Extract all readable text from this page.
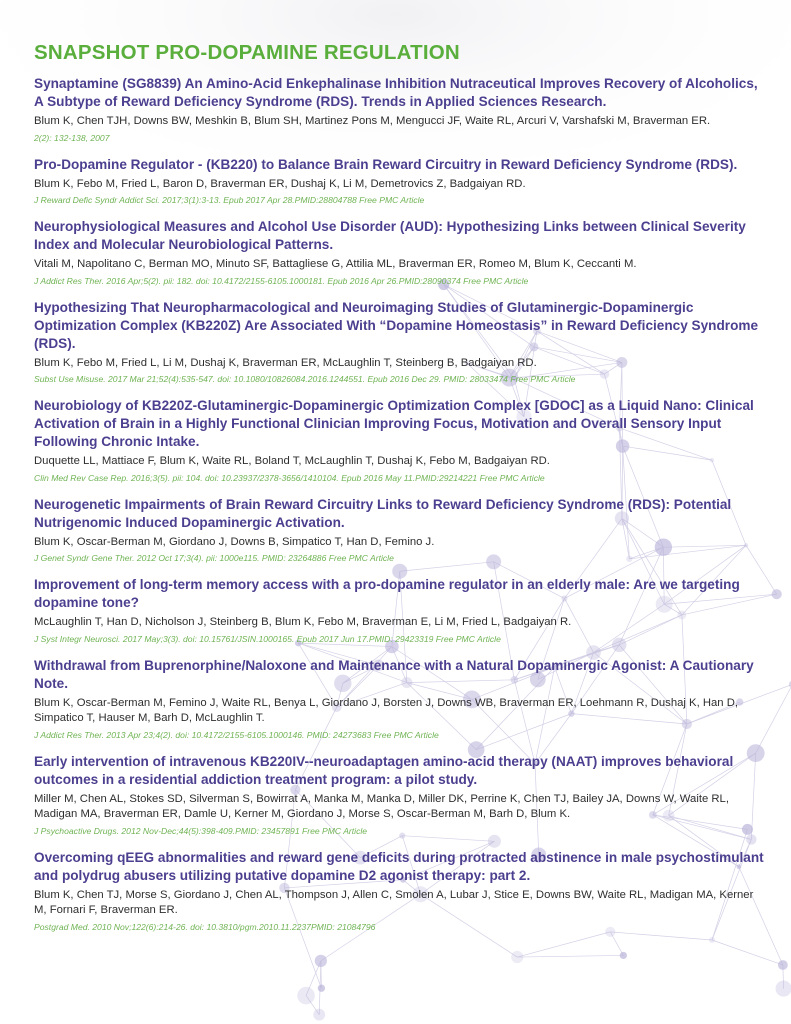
SNAPSHOT PRO-DOPAMINE REGULATION
Synaptamine (SG8839) An Amino-Acid Enkephalinase Inhibition Nutraceutical Improves Recovery of Alcoholics, A Subtype of Reward Deficiency Syndrome (RDS). Trends in Applied Sciences Research.
Blum K, Chen TJH, Downs BW, Meshkin B, Blum SH, Martinez Pons M, Mengucci JF, Waite RL, Arcuri V, Varshafski M, Braverman ER.
2(2): 132-138, 2007
Pro-Dopamine Regulator - (KB220) to Balance Brain Reward Circuitry in Reward Deficiency Syndrome (RDS).
Blum K, Febo M, Fried L, Baron D, Braverman ER, Dushaj K, Li M, Demetrovics Z, Badgaiyan RD.
J Reward Defic Syndr Addict Sci. 2017;3(1):3-13. Epub 2017 Apr 28.PMID:28804788 Free PMC Article
Neurophysiological Measures and Alcohol Use Disorder (AUD): Hypothesizing Links between Clinical Severity Index and Molecular Neurobiological Patterns.
Vitali M, Napolitano C, Berman MO, Minuto SF, Battagliese G, Attilia ML, Braverman ER, Romeo M, Blum K, Ceccanti M.
J Addict Res Ther. 2016 Apr;5(2). pii: 182. doi: 10.4172/2155-6105.1000181. Epub 2016 Apr 26.PMID:28090374 Free PMC Article
Hypothesizing That Neuropharmacological and Neuroimaging Studies of Glutaminergic-Dopaminergic Optimization Complex (KB220Z) Are Associated With “Dopamine Homeostasis” in Reward Deficiency Syndrome (RDS).
Blum K, Febo M, Fried L, Li M, Dushaj K, Braverman ER, McLaughlin T, Steinberg B, Badgaiyan RD.
Subst Use Misuse. 2017 Mar 21;52(4):535-547. doi: 10.1080/10826084.2016.1244551. Epub 2016 Dec 29. PMID: 28033474 Free PMC Article
Neurobiology of KB220Z-Glutaminergic-Dopaminergic Optimization Complex [GDOC] as a Liquid Nano: Clinical Activation of Brain in a Highly Functional Clinician Improving Focus, Motivation and Overall Sensory Input Following Chronic Intake.
Duquette LL, Mattiace F, Blum K, Waite RL, Boland T, McLaughlin T, Dushaj K, Febo M, Badgaiyan RD.
Clin Med Rev Case Rep. 2016;3(5). pii: 104. doi: 10.23937/2378-3656/1410104. Epub 2016 May 11.PMID:29214221 Free PMC Article
Neurogenetic Impairments of Brain Reward Circuitry Links to Reward Deficiency Syndrome (RDS): Potential Nutrigenomic Induced Dopaminergic Activation.
Blum K, Oscar-Berman M, Giordano J, Downs B, Simpatico T, Han D, Femino J.
J Genet Syndr Gene Ther. 2012 Oct 17;3(4). pii: 1000e115. PMID: 23264886 Free PMC Article
Improvement of long-term memory access with a pro-dopamine regulator in an elderly male: Are we targeting dopamine tone?
McLaughlin T, Han D, Nicholson J, Steinberg B, Blum K, Febo M, Braverman E, Li M, Fried L, Badgaiyan R.
J Syst Integr Neurosci. 2017 May;3(3). doi: 10.15761/JSIN.1000165. Epub 2017 Jun 17.PMID: 29423319 Free PMC Article
Withdrawal from Buprenorphine/Naloxone and Maintenance with a Natural Dopaminergic Agonist: A Cautionary Note.
Blum K, Oscar-Berman M, Femino J, Waite RL, Benya L, Giordano J, Borsten J, Downs WB, Braverman ER, Loehmann R, Dushaj K, Han D, Simpatico T, Hauser M, Barh D, McLaughlin T.
J Addict Res Ther. 2013 Apr 23;4(2). doi: 10.4172/2155-6105.1000146. PMID: 24273683 Free PMC Article
Early intervention of intravenous KB220IV--neuroadaptagen amino-acid therapy (NAAT) improves behavioral outcomes in a residential addiction treatment program: a pilot study.
Miller M, Chen AL, Stokes SD, Silverman S, Bowirrat A, Manka M, Manka D, Miller DK, Perrine K, Chen TJ, Bailey JA, Downs W, Waite RL, Madigan MA, Braverman ER, Damle U, Kerner M, Giordano J, Morse S, Oscar-Berman M, Barh D, Blum K.
J Psychoactive Drugs. 2012 Nov-Dec;44(5):398-409.PMID: 23457891 Free PMC Article
Overcoming qEEG abnormalities and reward gene deficits during protracted abstinence in male psychostimulant and polydrug abusers utilizing putative dopamine D2 agonist therapy: part 2.
Blum K, Chen TJ, Morse S, Giordano J, Chen AL, Thompson J, Allen C, Smolen A, Lubar J, Stice E, Downs BW, Waite RL, Madigan MA, Kerner M, Fornari F, Braverman ER.
Postgrad Med. 2010 Nov;122(6):214-26. doi: 10.3810/pgm.2010.11.2237PMID: 21084796
